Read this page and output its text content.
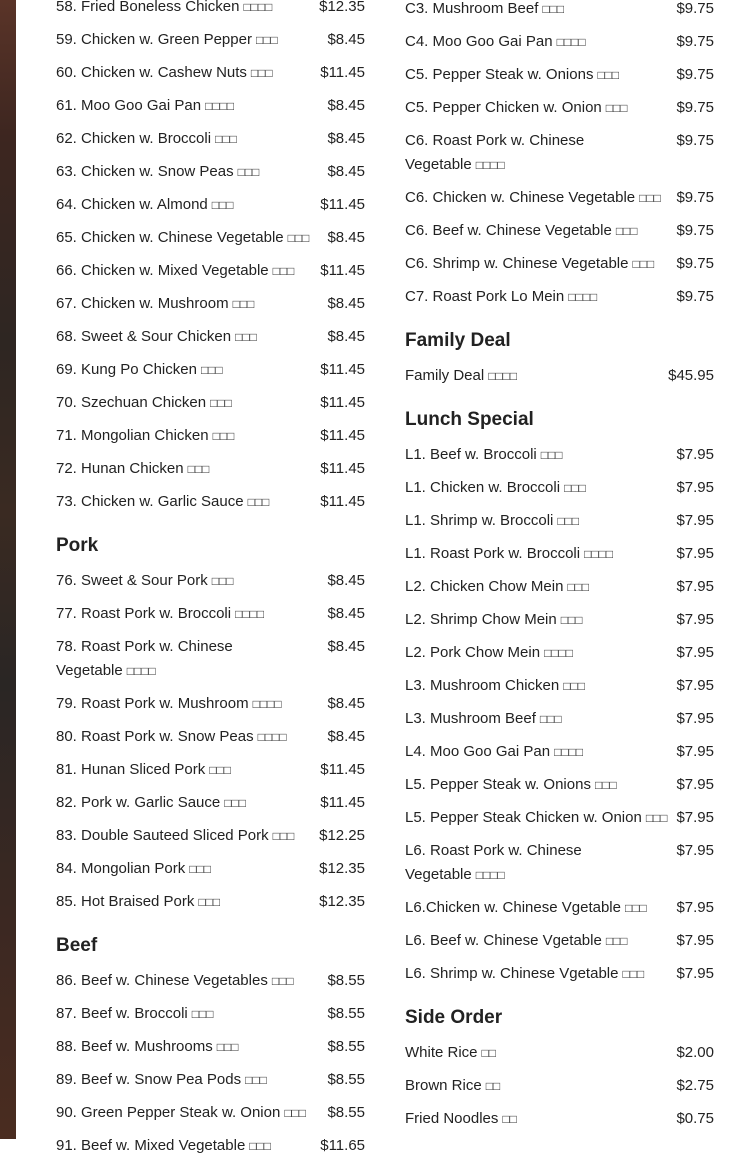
58. Fried Boneless Chicken □□□□	$12.35
59. Chicken w. Green Pepper □□□	$8.45
60. Chicken w. Cashew Nuts □□□	$11.45
61. Moo Goo Gai Pan □□□□	$8.45
62. Chicken w. Broccoli □□□	$8.45
63. Chicken w. Snow Peas □□□	$8.45
64. Chicken w. Almond □□□	$11.45
65. Chicken w. Chinese Vegetable □□□	$8.45
66. Chicken w. Mixed Vegetable □□□	$11.45
67. Chicken w. Mushroom □□□	$8.45
68. Sweet & Sour Chicken □□□	$8.45
69. Kung Po Chicken □□□	$11.45
70. Szechuan Chicken □□□	$11.45
71. Mongolian Chicken □□□	$11.45
72. Hunan Chicken □□□	$11.45
73. Chicken w. Garlic Sauce □□□	$11.45
Pork
76. Sweet & Sour Pork □□□	$8.45
77. Roast Pork w. Broccoli □□□□	$8.45
78. Roast Pork w. Chinese Vegetable □□□□
$8.45
79. Roast Pork w. Mushroom □□□□	$8.45
80. Roast Pork w. Snow Peas □□□□	$8.45
81. Hunan Sliced Pork □□□	$11.45
82. Pork w. Garlic Sauce □□□	$11.45
83. Double Sauteed Sliced Pork □□□	$12.25
84. Mongolian Pork □□□	$12.35
85. Hot Braised Pork □□□	$12.35
Beef
86. Beef w. Chinese Vegetables □□□	$8.55
87. Beef w. Broccoli □□□	$8.55
88. Beef w. Mushrooms □□□	$8.55
89. Beef w. Snow Pea Pods □□□	$8.55
90. Green Pepper Steak w. Onion □□□	$8.55
91. Beef w. Mixed Vegetable □□□	$11.65
C3. Mushroom Beef □□□	$9.75
C4. Moo Goo Gai Pan □□□□	$9.75
C5. Pepper Steak w. Onions □□□	$9.75
C5. Pepper Chicken w. Onion □□□	$9.75
C6. Roast Pork w. Chinese Vegetable □□□□
$9.75
C6. Chicken w. Chinese Vegetable □□□	$9.75
C6. Beef w. Chinese Vegetable □□□	$9.75
C6. Shrimp w. Chinese Vegetable □□□	$9.75
C7. Roast Pork Lo Mein □□□□	$9.75
Family Deal
Family Deal □□□□	$45.95
Lunch Special
L1. Beef w. Broccoli □□□	$7.95
L1. Chicken w. Broccoli □□□	$7.95
L1. Shrimp w. Broccoli □□□	$7.95
L1. Roast Pork w. Broccoli □□□□	$7.95
L2. Chicken Chow Mein □□□	$7.95
L2. Shrimp Chow Mein □□□	$7.95
L2. Pork Chow Mein □□□□	$7.95
L3. Mushroom Chicken □□□	$7.95
L3. Mushroom Beef □□□	$7.95
L4. Moo Goo Gai Pan □□□□	$7.95
L5. Pepper Steak w. Onions □□□	$7.95
L5. Pepper Steak Chicken w. Onion □□□ $7.95
L6. Roast Pork w. Chinese Vegetable □□□□
$7.95
L6.Chicken w. Chinese Vgetable □□□	$7.95
L6. Beef w. Chinese Vgetable □□□	$7.95
L6. Shrimp w. Chinese Vgetable □□□	$7.95
Side Order
White Rice □□	$2.00
Brown Rice □□	$2.75
Fried Noodles □□	$0.75
